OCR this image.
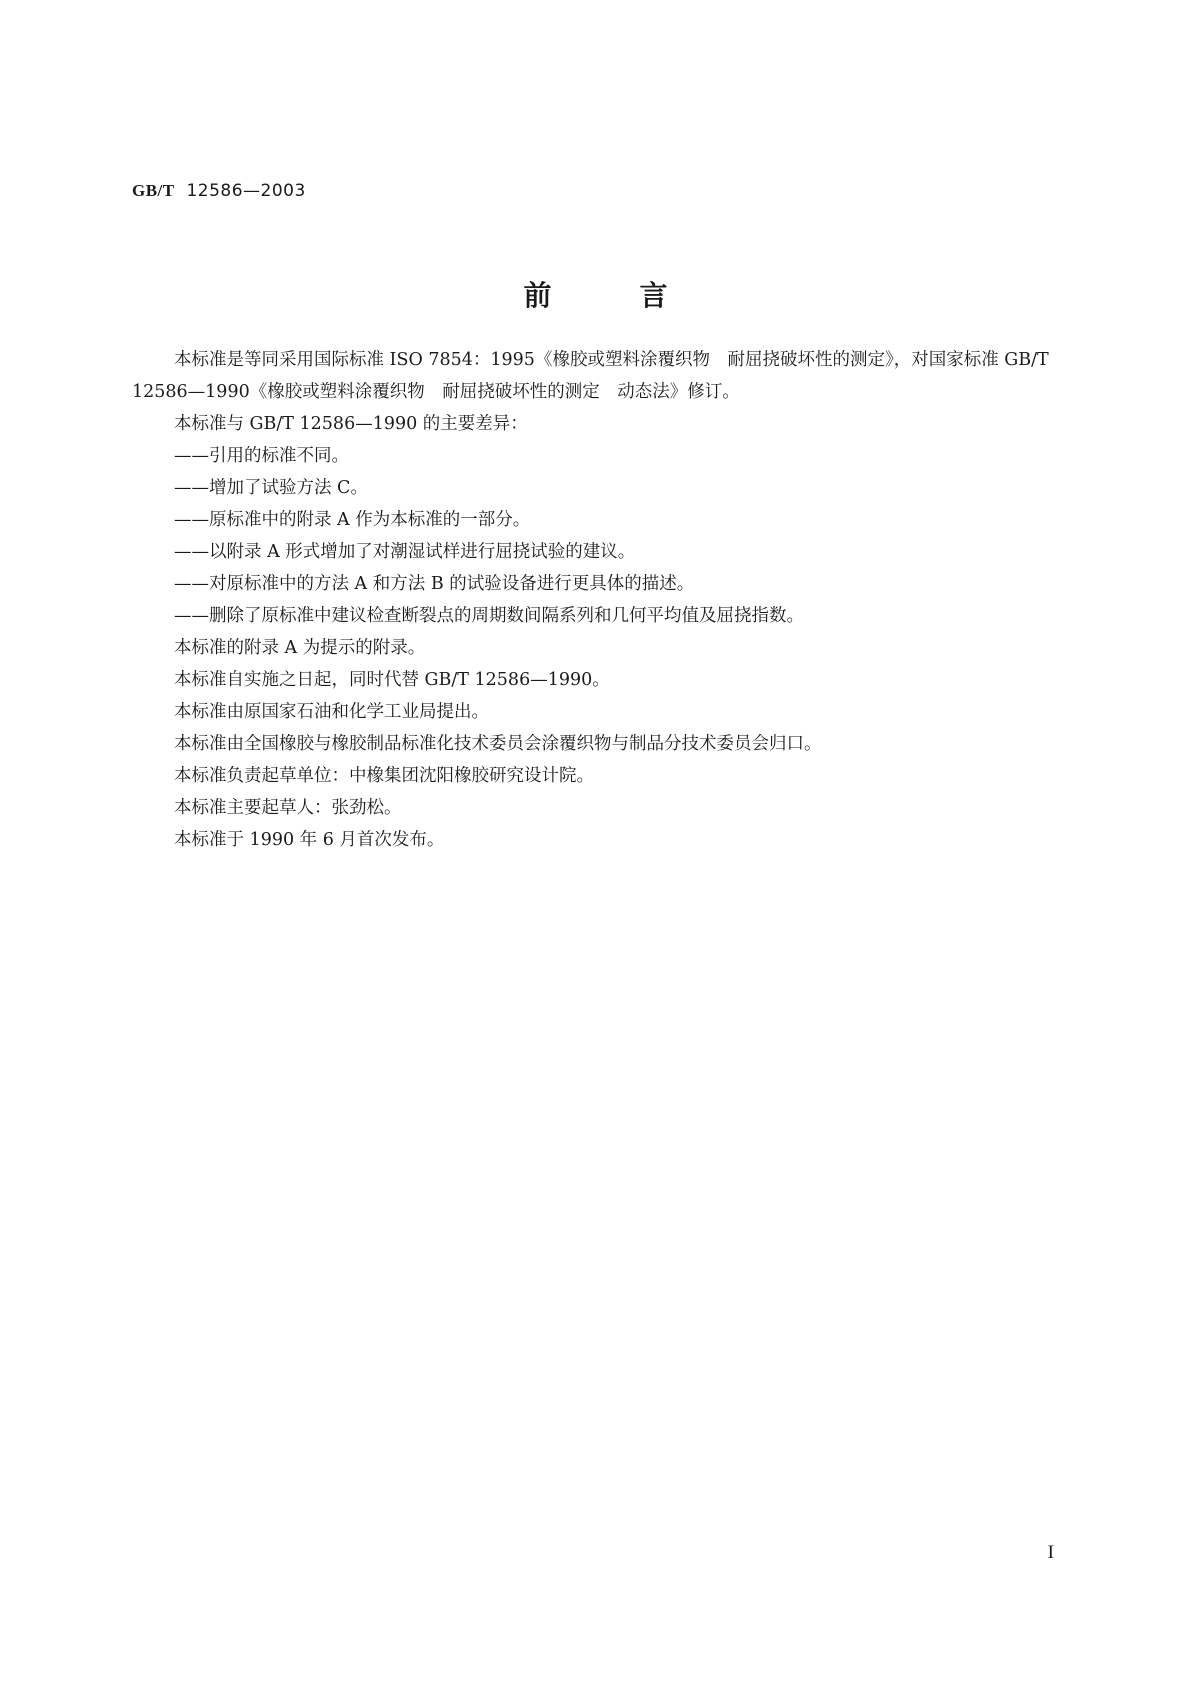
GB/T 12586—2003
前	言

本标准是等同采用国际标准 ISO 7854：1995《橡胶或塑料涂覆织物　耐屈挠破坏性的测定》，对国家标准 GB/T 12586—1990《橡胶或塑料涂覆织物　耐屈挠破坏性的测定　动态法》修订。

本标准与 GB/T 12586—1990 的主要差异：

——引用的标准不同。

——增加了试验方法 C。

——原标准中的附录 A 作为本标准的一部分。

——以附录 A 形式增加了对潮湿试样进行屈挠试验的建议。

——对原标准中的方法 A 和方法 B 的试验设备进行更具体的描述。

——删除了原标准中建议检查断裂点的周期数间隔系列和几何平均值及屈挠指数。

本标准的附录 A 为提示的附录。

本标准自实施之日起，同时代替 GB/T 12586—1990。

本标准由原国家石油和化学工业局提出。

本标准由全国橡胶与橡胶制品标准化技术委员会涂覆织物与制品分技术委员会归口。

本标准负责起草单位：中橡集团沈阳橡胶研究设计院。

本标准主要起草人：张劲松。

本标准于 1990 年 6 月首次发布。

I
